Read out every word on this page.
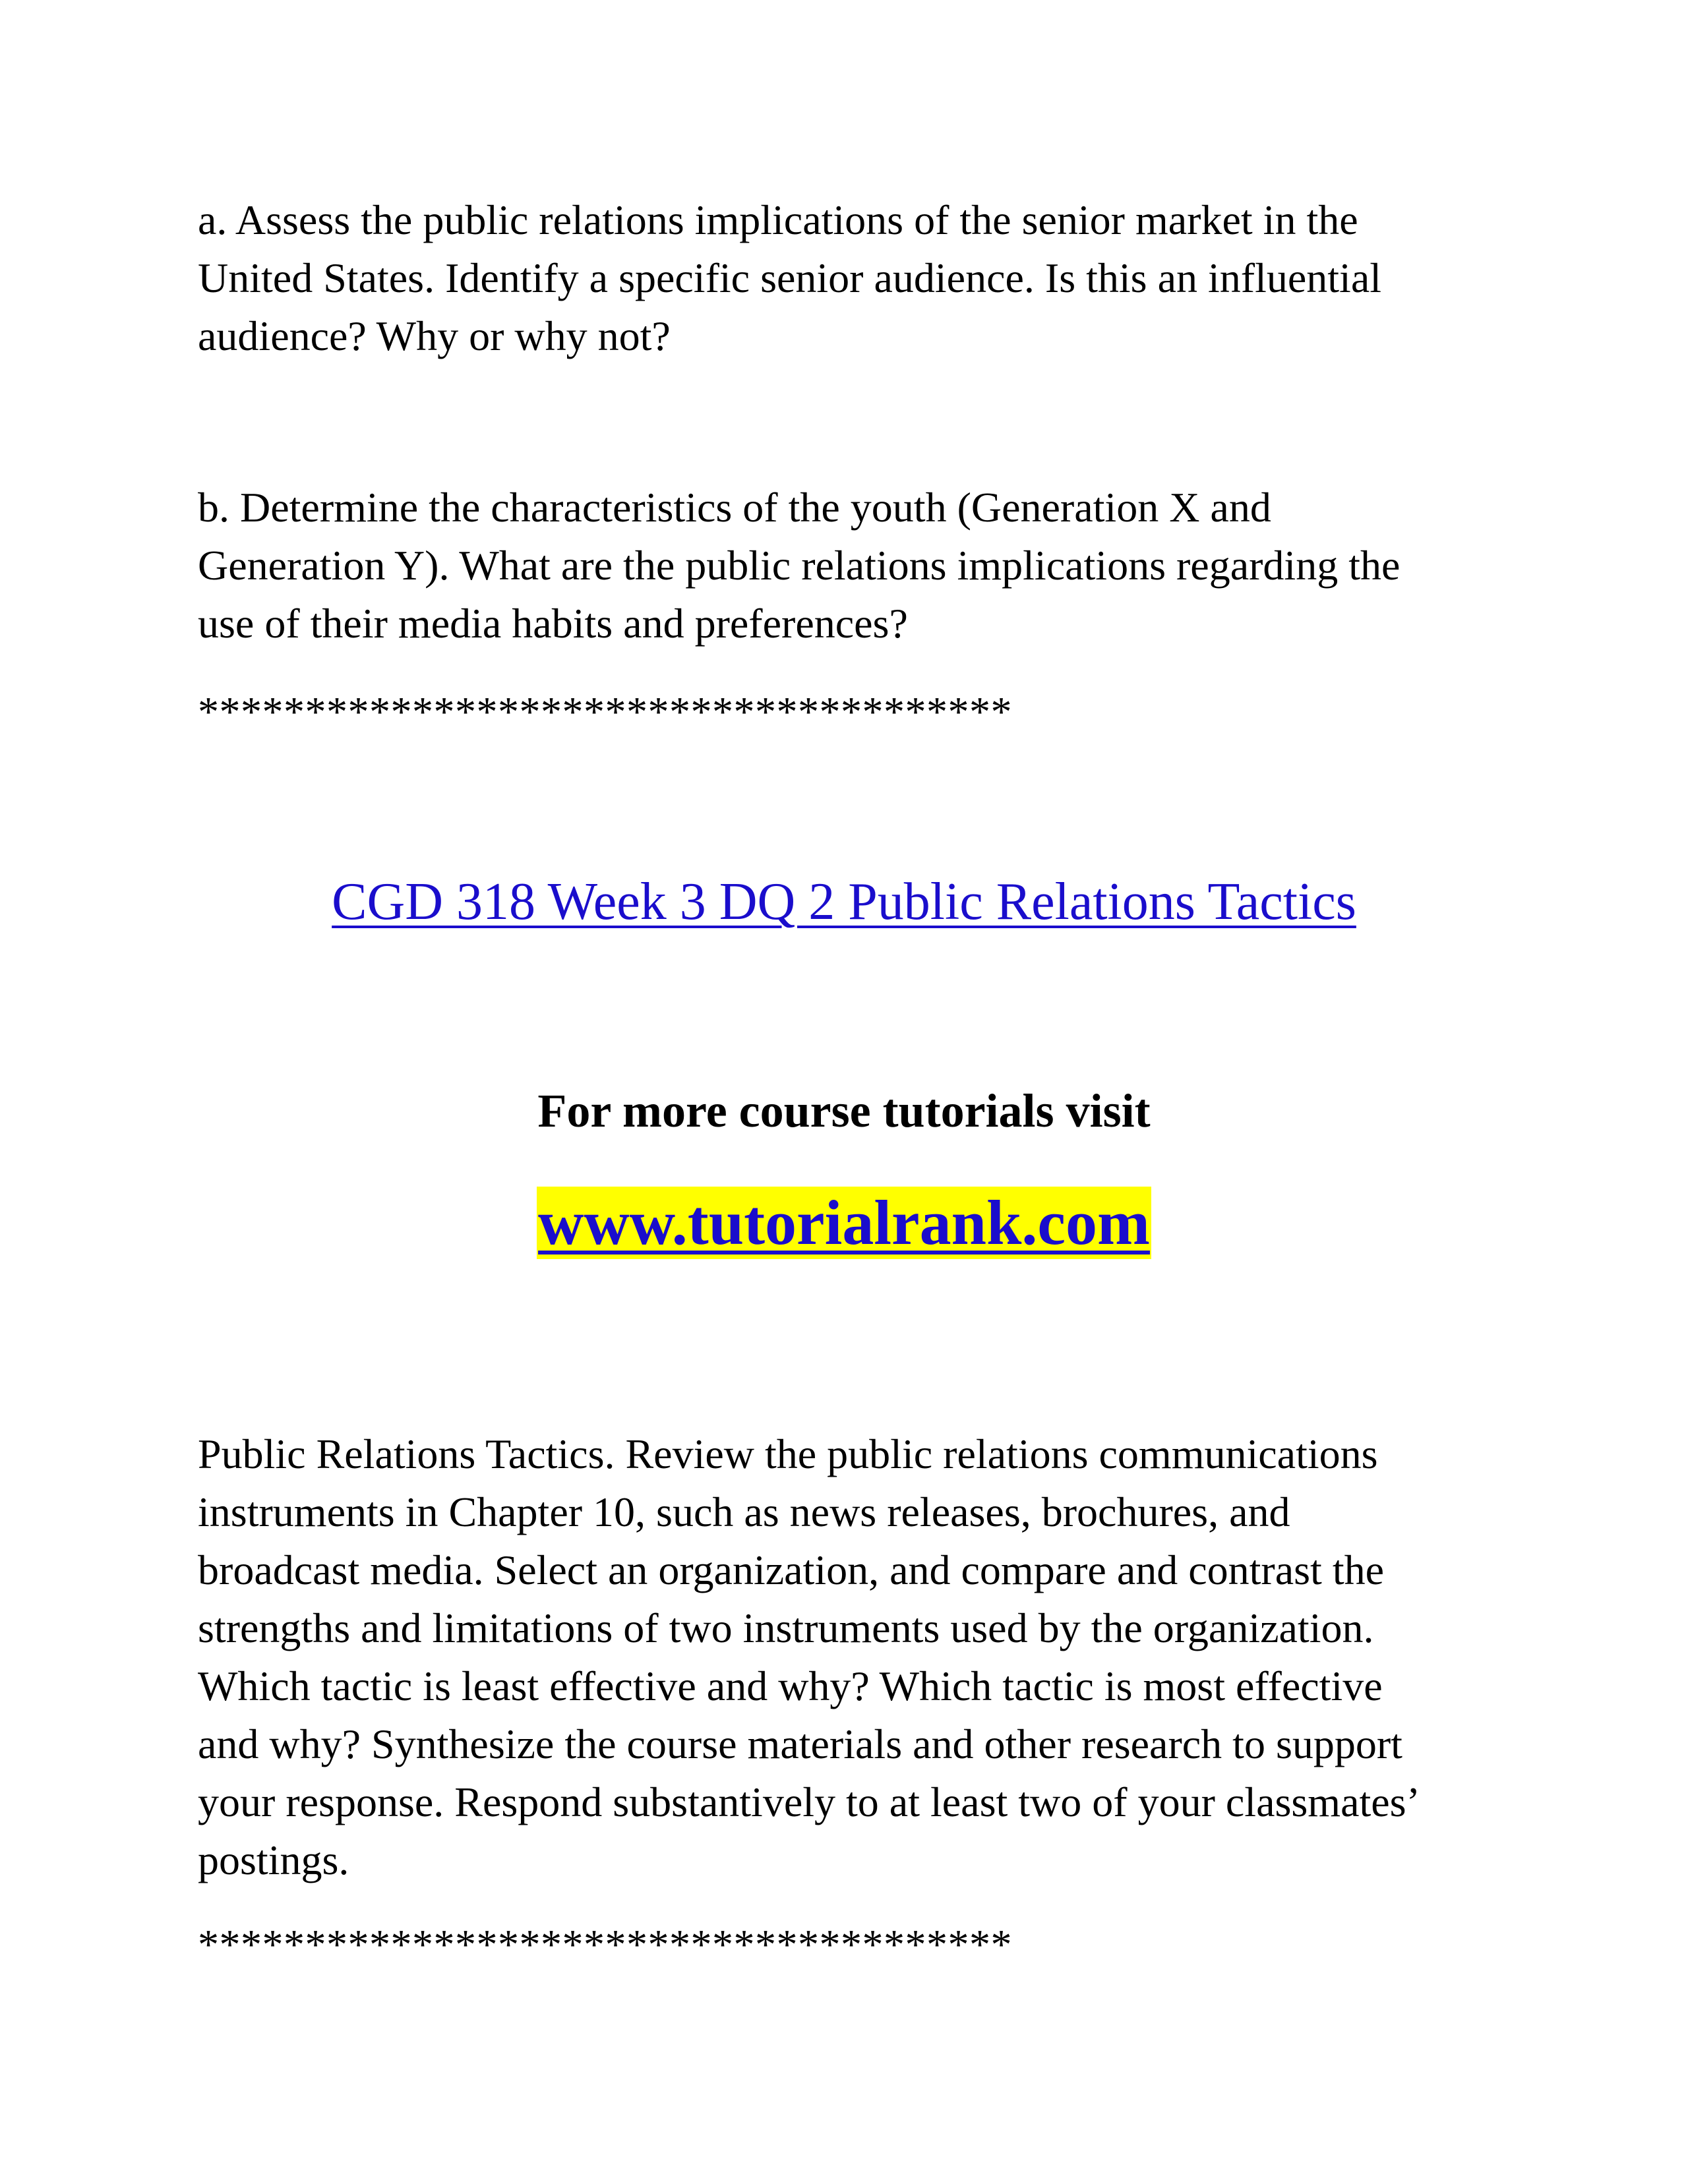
a. Assess the public relations implications of the senior market in the
United States. Identify a specific senior audience. Is this an influential
audience? Why or why not?

b. Determine the characteristics of the youth (Generation X and
Generation Y). What are the public relations implications regarding the
use of their media habits and preferences?

**************************************
CGD 318 Week 3 DQ 2 Public Relations Tactics
For more course tutorials visit
www.tutorialrank.com

Public Relations Tactics. Review the public relations communications
instruments in Chapter 10, such as news releases, brochures, and
broadcast media. Select an organization, and compare and contrast the
strengths and limitations of two instruments used by the organization.
Which tactic is least effective and why? Which tactic is most effective
and why? Synthesize the course materials and other research to support
your response. Respond substantively to at least two of your classmates’
postings.

**************************************
